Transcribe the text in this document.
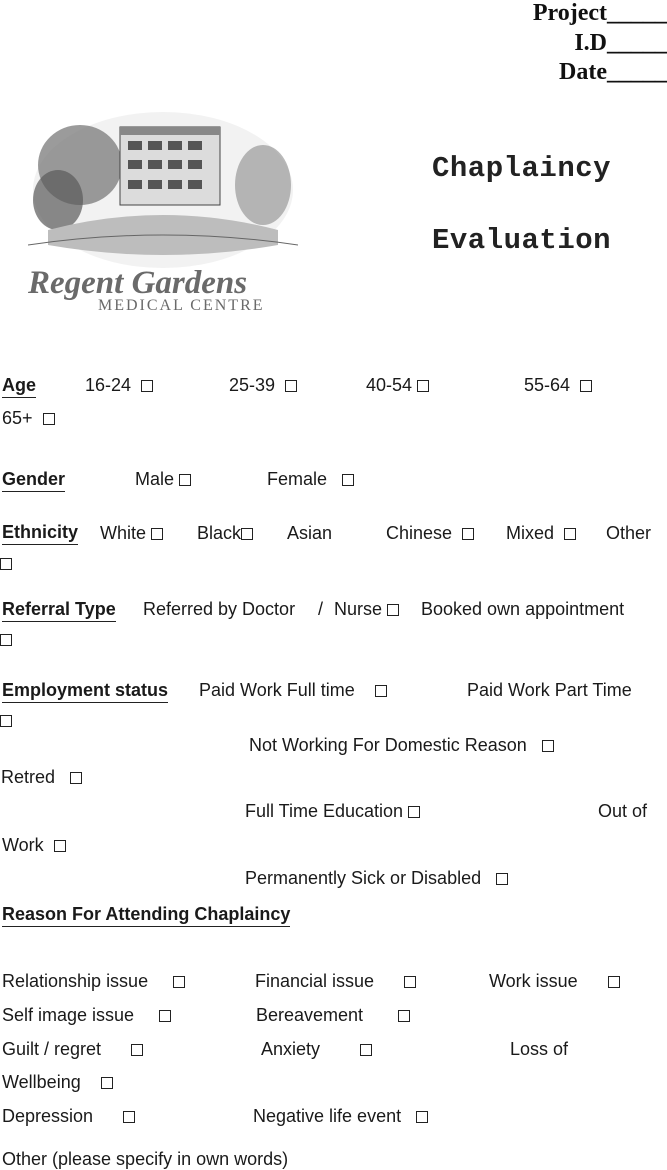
Project_____
I.D_____
Date_____
Regent Gardens
MEDICAL CENTRE
Chaplaincy
Evaluation
Age	16-24	25-39	40-54	55-64
65+
Gender	Male	Female
Ethnicity White	Black	Asian	Chinese	Mixed	Other
Referral Type Referred by Doctor / Nurse	Booked own appointment
Employment status Paid Work Full time	Paid Work Part Time
Not Working For Domestic Reason
Retred
Full Time Education	Out of
Work
Permanently Sick or Disabled
Reason For Attending Chaplaincy
Relationship issue	Financial issue	Work issue
Self image issue	Bereavement
Guilt / regret	Anxiety	Loss of
Wellbeing
Depression	Negative life event
Other (please specify in own words)
